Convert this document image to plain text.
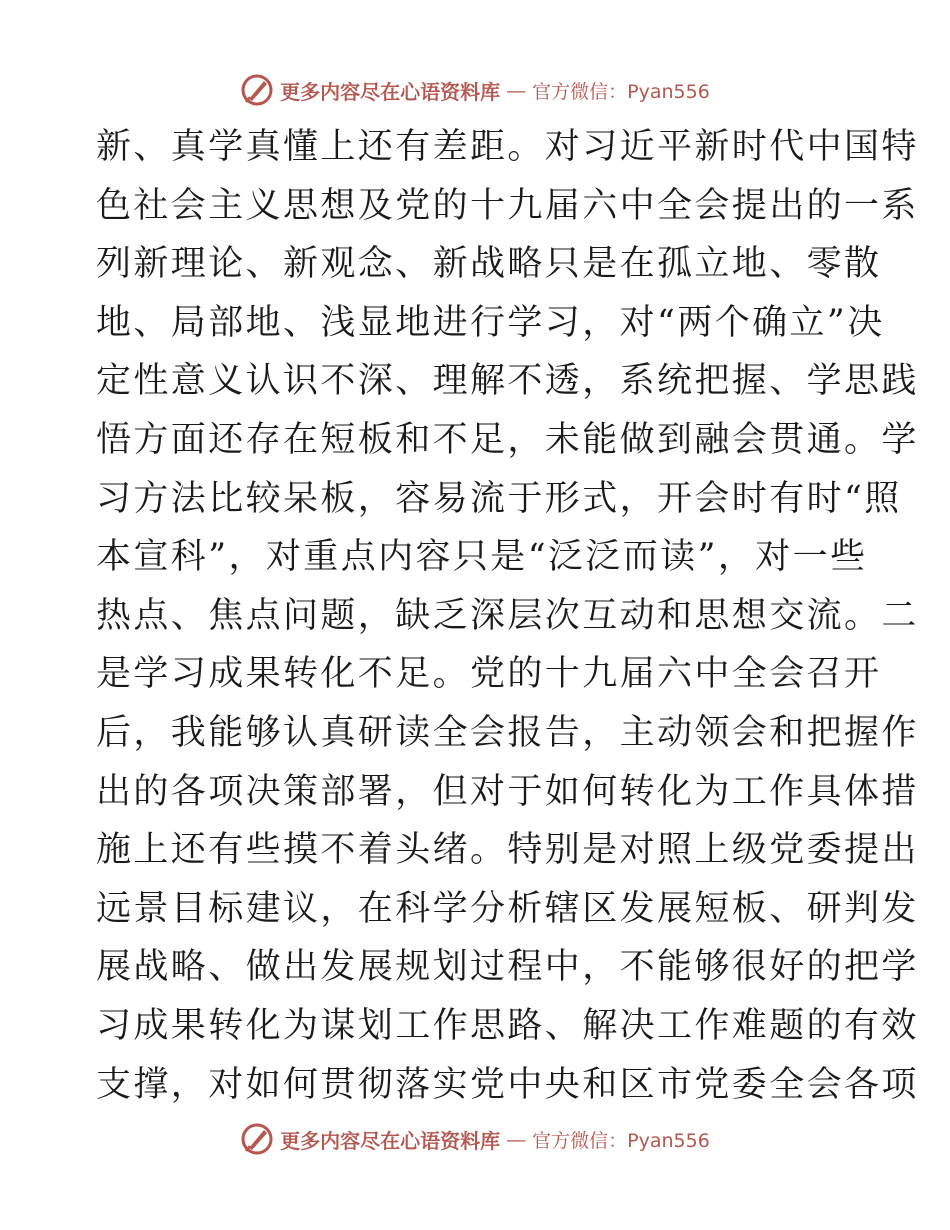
更多内容尽在心语资料库 — 官方微信：Pyan556
新、真学真懂上还有差距。对习近平新时代中国特
色社会主义思想及党的十九届六中全会提出的一系
列新理论、新观念、新战略只是在孤立地、零散
地、局部地、浅显地进行学习，对“两个确立”决
定性意义认识不深、理解不透，系统把握、学思践
悟方面还存在短板和不足，未能做到融会贯通。学
习方法比较呆板，容易流于形式，开会时有时“照
本宣科”，对重点内容只是“泛泛而读”，对一些
热点、焦点问题，缺乏深层次互动和思想交流。二
是学习成果转化不足。党的十九届六中全会召开
后，我能够认真研读全会报告，主动领会和把握作
出的各项决策部署，但对于如何转化为工作具体措
施上还有些摸不着头绪。特别是对照上级党委提出
远景目标建议，在科学分析辖区发展短板、研判发
展战略、做出发展规划过程中，不能够很好的把学
习成果转化为谋划工作思路、解决工作难题的有效
支撑，对如何贯彻落实党中央和区市党委全会各项
更多内容尽在心语资料库 — 官方微信：Pyan556
